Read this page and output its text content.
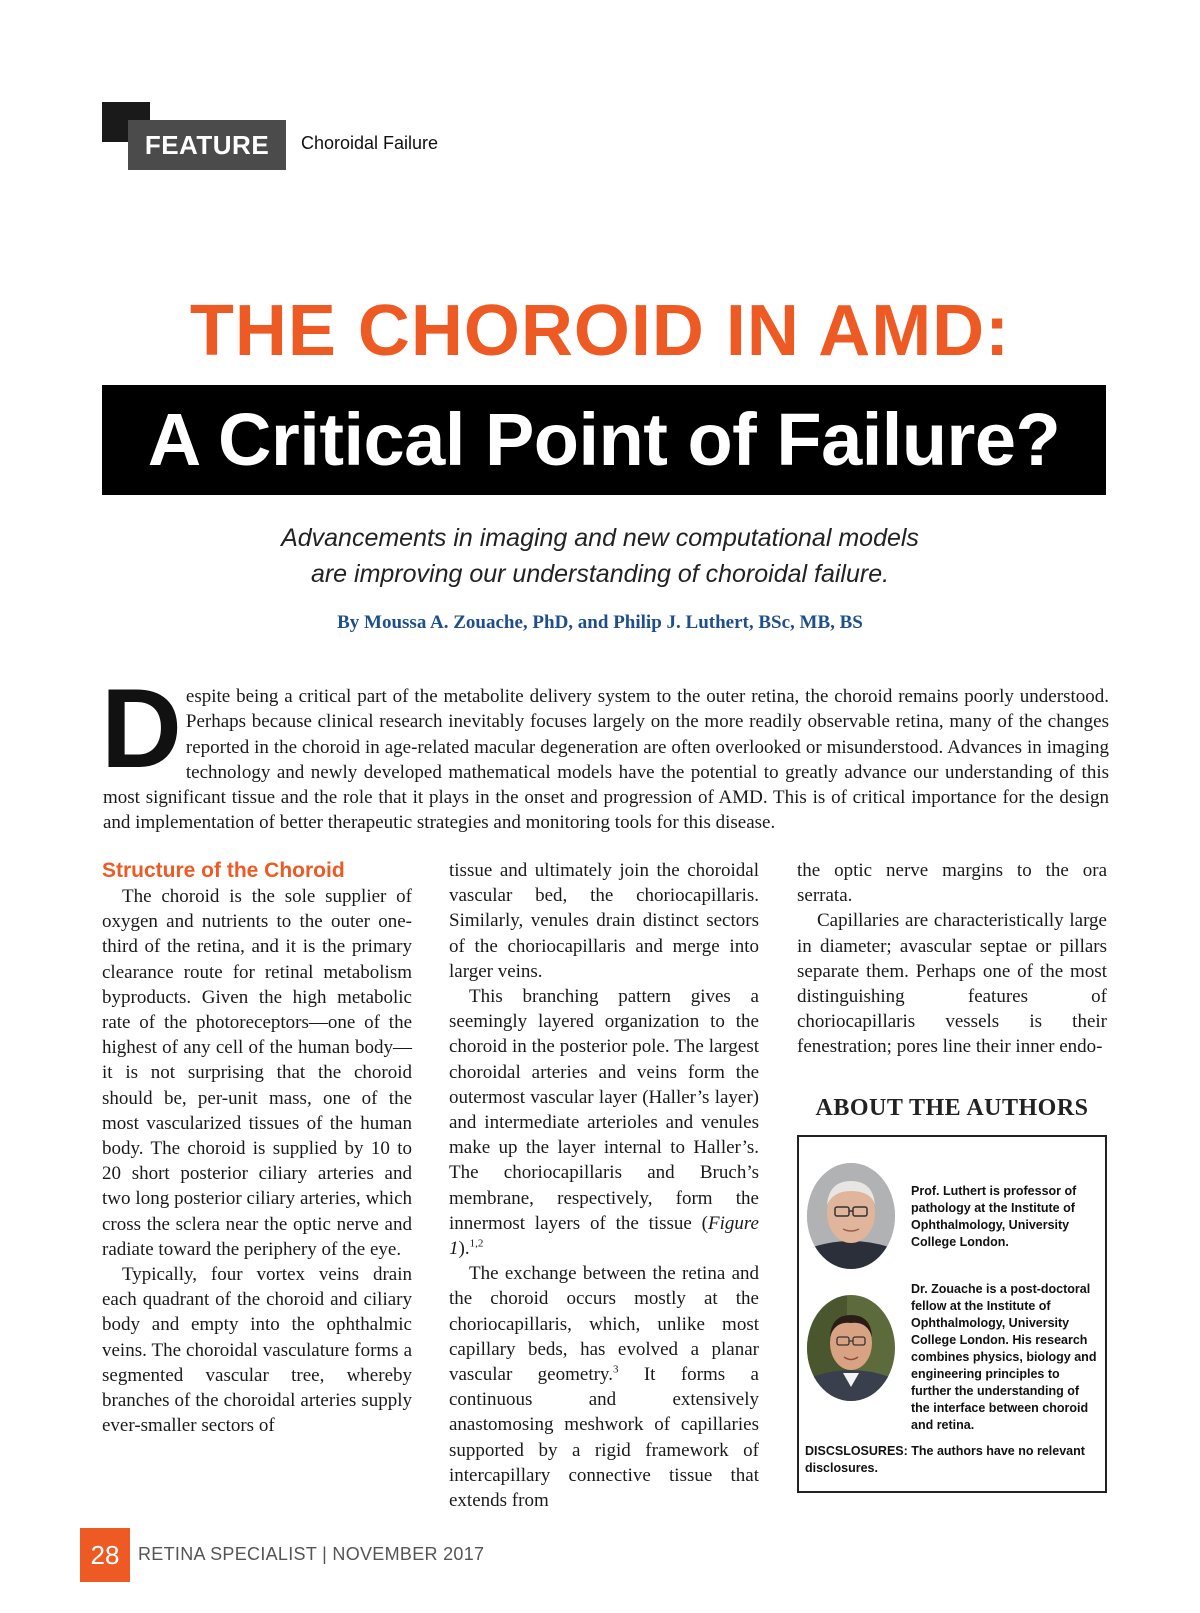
FEATURE	Choroidal Failure
THE CHOROID IN AMD:
A Critical Point of Failure?
Advancements in imaging and new computational models
are improving our understanding of choroidal failure.
By Moussa A. Zouache, PhD, and Philip J. Luthert, BSc, MB, BS

Despite being a critical part of the metabolite delivery system to the outer retina, the choroid remains poorly understood. Perhaps because clinical research inevitably focuses largely on the more readily observable retina, many of the changes reported in the choroid in age-related macular degeneration are often overlooked or misunderstood. Advances in imaging technology and newly developed mathematical models have the potential to greatly advance our understanding of this most significant tissue and the role that it plays in the onset and progression of AMD. This is of critical importance for the design and implementation of better therapeutic strategies and monitoring tools for this disease.

Structure of the Choroid

The choroid is the sole supplier of oxygen and nutrients to the outer one-third of the retina, and it is the primary clearance route for retinal metabolism byproducts. Given the high metabolic rate of the photoreceptors—one of the highest of any cell of the human body—it is not surprising that the choroid should be, per-unit mass, one of the most vascularized tissues of the human body. The choroid is supplied by 10 to 20 short posterior ciliary arteries and two long posterior ciliary arteries, which cross the sclera near the optic nerve and radiate toward the periphery of the eye.

Typically, four vortex veins drain each quadrant of the choroid and ciliary body and empty into the ophthalmic veins. The choroidal vasculature forms a segmented vascular tree, whereby branches of the choroidal arteries supply ever-smaller sectors of

tissue and ultimately join the choroidal vascular bed, the choriocapillaris. Similarly, venules drain distinct sectors of the choriocapillaris and merge into larger veins.

This branching pattern gives a seemingly layered organization to the choroid in the posterior pole. The largest choroidal arteries and veins form the outermost vascular layer (Haller’s layer) and intermediate arterioles and venules make up the layer internal to Haller’s. The choriocapillaris and Bruch’s membrane, respectively, form the innermost layers of the tissue (Figure 1).$^{1,2}$

The exchange between the retina and the choroid occurs mostly at the choriocapillaris, which, unlike most capillary beds, has evolved a planar vascular geometry.$^3$ It forms a continuous and extensively anastomosing meshwork of capillaries supported by a rigid framework of intercapillary connective tissue that extends from

the optic nerve margins to the ora serrata.

Capillaries are characteristically large in diameter; avascular septae or pillars separate them. Perhaps one of the most distinguishing features of choriocapillaris vessels is their fenestration; pores line their inner endo-

ABOUT THE AUTHORS
Prof. Luthert is professor of pathology at the Institute of Ophthalmology, University College London.
Dr. Zouache is a post-doctoral fellow at the Institute of Ophthalmology, University College London. His research combines physics, biology and engineering principles to further the understanding of the interface between choroid and retina.
DISCSLOSURES: The authors have no relevant disclosures.
28	RETINA SPECIALIST | NOVEMBER 2017
